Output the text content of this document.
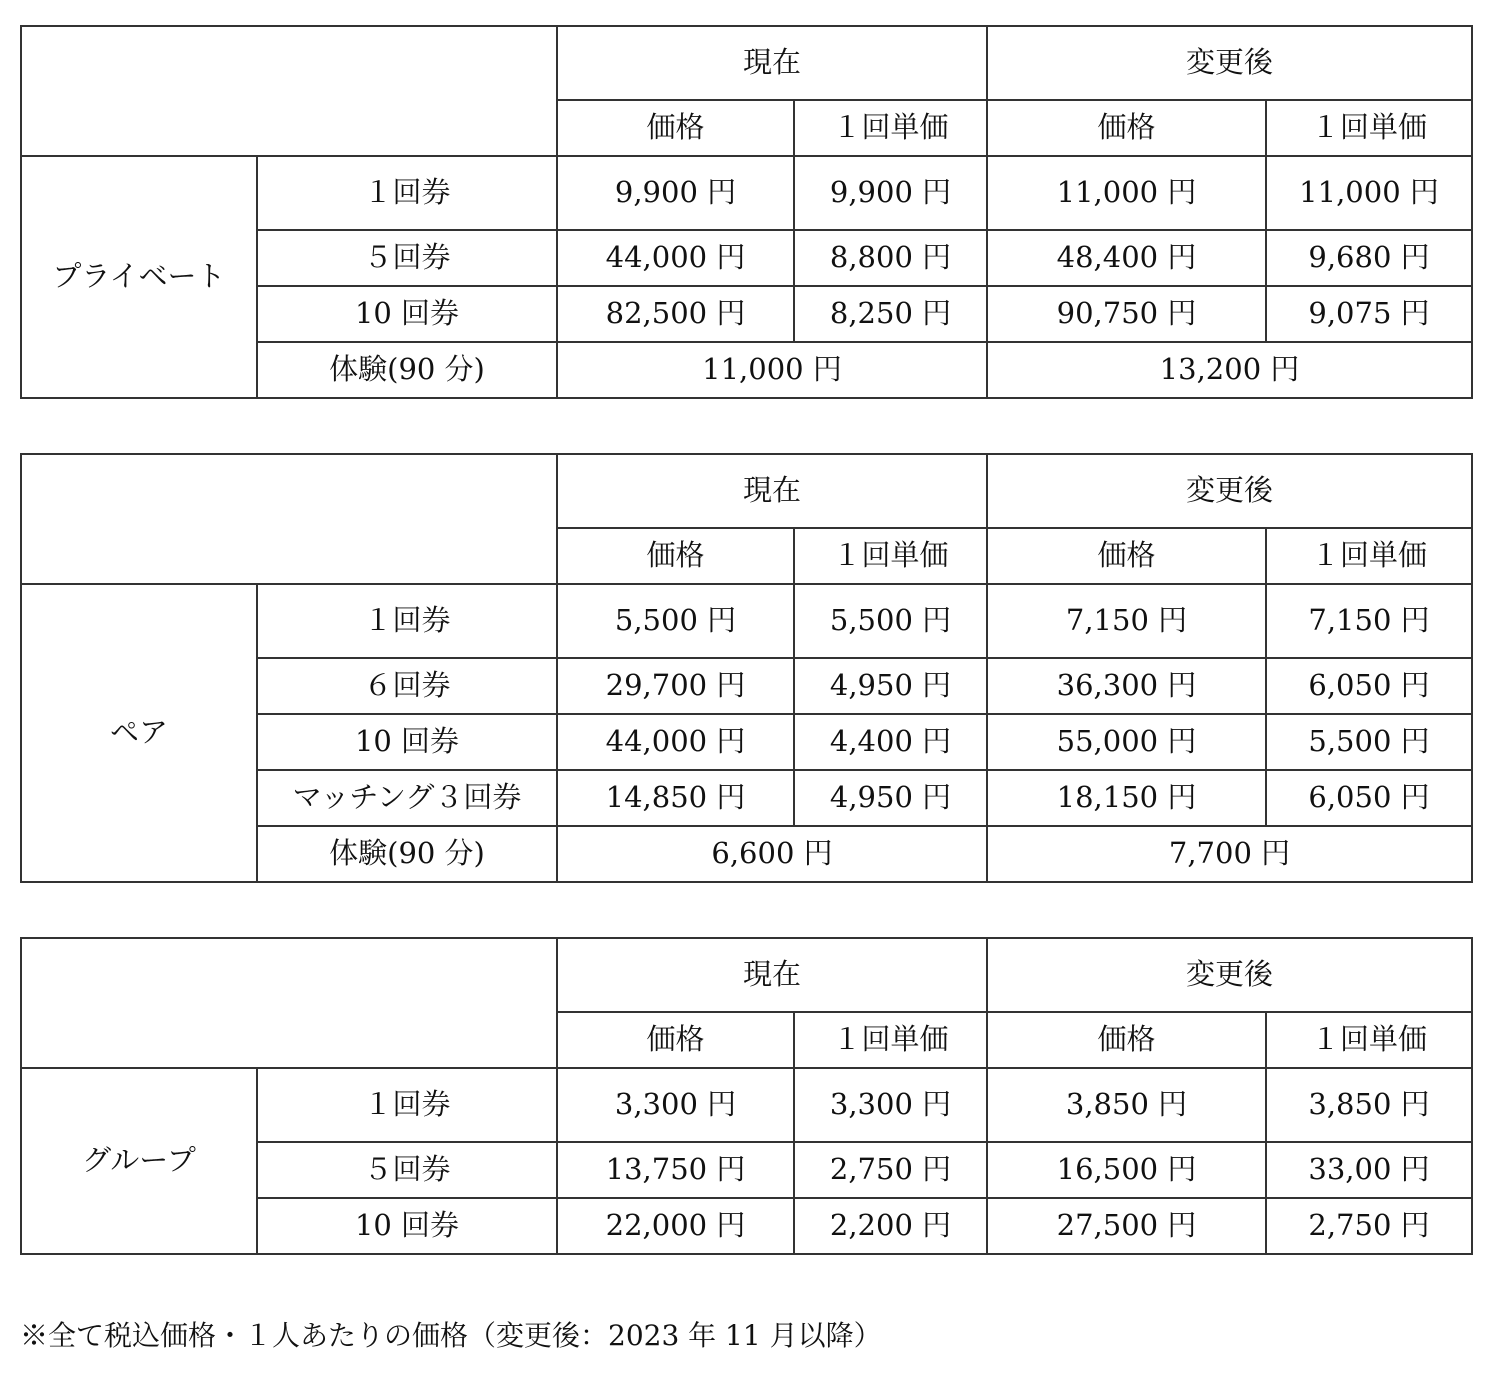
		現在		変更後	
		価格	１回単価	価格	１回単価
プライベート	１回券	9,900 円	9,900 円	11,000 円	11,000 円
	５回券	44,000 円	8,800 円	48,400 円	9,680 円
	10 回券	82,500 円	8,250 円	90,750 円	9,075 円
	体験(90 分)	11,000 円		13,200 円	
		現在		変更後	
		価格	１回単価	価格	１回単価
ペア	１回券	5,500 円	5,500 円	7,150 円	7,150 円
	６回券	29,700 円	4,950 円	36,300 円	6,050 円
	10 回券	44,000 円	4,400 円	55,000 円	5,500 円
	マッチング３回券	14,850 円	4,950 円	18,150 円	6,050 円
	体験(90 分)	6,600 円		7,700 円	
		現在		変更後	
		価格	１回単価	価格	１回単価
グループ	１回券	3,300 円	3,300 円	3,850 円	3,850 円
	５回券	13,750 円	2,750 円	16,500 円	33,00 円
	10 回券	22,000 円	2,200 円	27,500 円	2,750 円
※全て税込価格・１人あたりの価格（変更後：2023 年 11 月以降）
